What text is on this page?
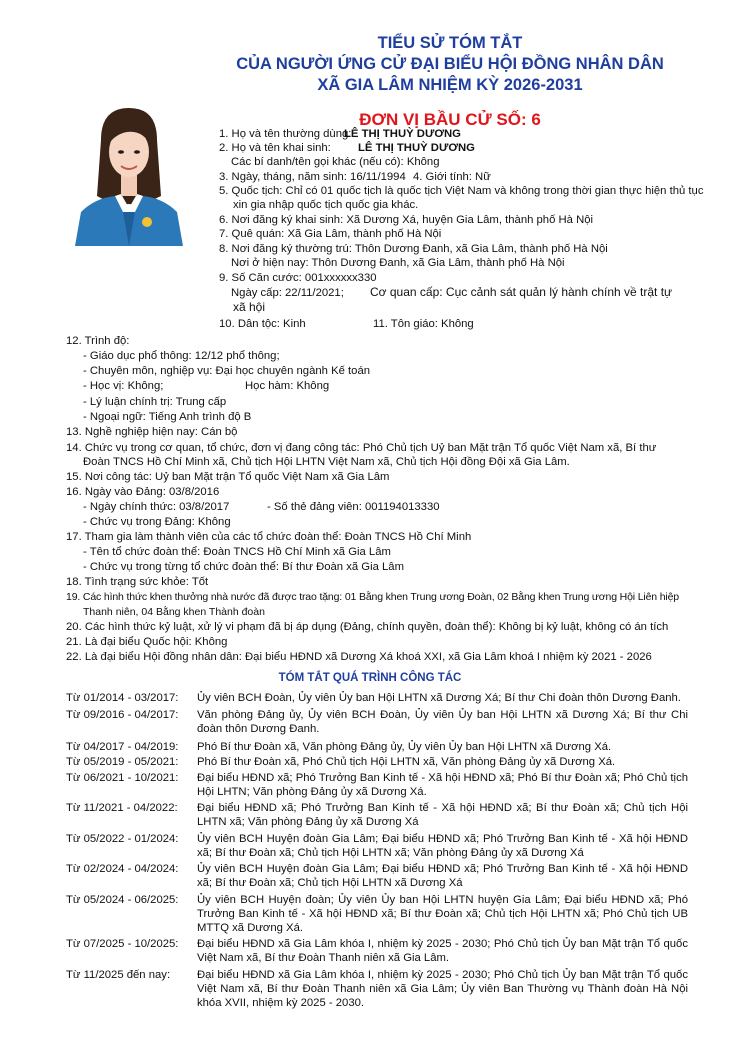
TIỂU SỬ TÓM TẮT
CỦA NGƯỜI ỨNG CỬ ĐẠI BIỂU HỘI ĐỒNG NHÂN DÂN
XÃ GIA LÂM NHIỆM KỲ 2026-2031
ĐƠN VỊ BẦU CỬ SỐ: 6
1. Họ và tên thường dùng:
LÊ THỊ THUỲ DƯƠNG
2. Họ và tên khai sinh: LÊ THỊ THUỲ DƯƠNG
Các bí danh/tên gọi khác (nếu có): Không
3. Ngày, tháng, năm sinh: 16/11/1994 4. Giới tính: Nữ
5. Quốc tịch: Chỉ có 01 quốc tịch là quốc tịch Việt Nam và không trong thời gian thực hiện thủ tục
xin gia nhập quốc tịch quốc gia khác.
6. Nơi đăng ký khai sinh: Xã Dương Xá, huyện Gia Lâm, thành phố Hà Nội
7. Quê quán: Xã Gia Lâm, thành phố Hà Nội
8. Nơi đăng ký thường trú: Thôn Dương Đanh, xã Gia Lâm, thành phố Hà Nội
Nơi ở hiện nay: Thôn Dương Đanh, xã Gia Lâm, thành phố Hà Nội
9. Số Căn cước: 001xxxxxx330
Ngày cấp: 22/11/2021; Cơ quan cấp: Cục cảnh sát quản lý hành chính về trật tự
xã hội
10. Dân tộc: Kinh	11. Tôn giáo: Không
12. Trình độ:
- Giáo dục phổ thông: 12/12 phổ thông;
- Chuyên môn, nghiệp vụ: Đại học chuyên ngành Kế toán
- Học vị: Không;	Học hàm: Không
- Lý luận chính trị: Trung cấp
- Ngoại ngữ: Tiếng Anh trình độ B
13. Nghề nghiệp hiện nay: Cán bộ
14. Chức vụ trong cơ quan, tổ chức, đơn vị đang công tác: Phó Chủ tịch Uỷ ban Mặt trận Tổ quốc Việt Nam xã, Bí thư
Đoàn TNCS Hồ Chí Minh xã, Chủ tịch Hội LHTN Việt Nam xã, Chủ tịch Hội đồng Đội xã Gia Lâm.
15. Nơi công tác: Uỷ ban Mặt trận Tổ quốc Việt Nam xã Gia Lâm
16. Ngày vào Đảng: 03/8/2016
- Ngày chính thức: 03/8/2017	- Số thẻ đảng viên: 001194013330
- Chức vụ trong Đảng: Không
17. Tham gia làm thành viên của các tổ chức đoàn thể: Đoàn TNCS Hồ Chí Minh
- Tên tổ chức đoàn thể: Đoàn TNCS Hồ Chí Minh xã Gia Lâm
- Chức vụ trong từng tổ chức đoàn thể: Bí thư Đoàn xã Gia Lâm
18. Tình trạng sức khỏe: Tốt
19. Các hình thức khen thưởng nhà nước đã được trao tặng: 01 Bằng khen Trung ương Đoàn, 02 Bằng khen Trung ương Hội Liên hiệp
Thanh niên, 04 Bằng khen Thành đoàn
20. Các hình thức kỷ luật, xử lý vi phạm đã bị áp dụng (Đảng, chính quyền, đoàn thể): Không bị kỷ luật, không có án tích
21. Là đại biểu Quốc hội: Không
22. Là đại biểu Hội đồng nhân dân: Đại biểu HĐND xã Dương Xá khoá XXI, xã Gia Lâm khoá I nhiệm kỳ 2021 - 2026
TÓM TẮT QUÁ TRÌNH CÔNG TÁC
Từ 01/2014 - 03/2017:	Ủy viên BCH Đoàn, Ủy viên Ủy ban Hội LHTN xã Dương Xá; Bí thư Chi đoàn thôn Dương Đanh.
Từ 09/2016 - 04/2017:	Văn phòng Đảng ủy, Ủy viên BCH Đoàn, Ủy viên Ủy ban Hội LHTN xã Dương Xá; Bí thư Chi đoàn thôn Dương Đanh.
Từ 04/2017 - 04/2019:	Phó Bí thư Đoàn xã, Văn phòng Đảng ủy, Ủy viên Ủy ban Hội LHTN xã Dương Xá.
Từ 05/2019 - 05/2021:	Phó Bí thư Đoàn xã, Phó Chủ tịch Hội LHTN xã, Văn phòng Đảng ủy xã Dương Xá.
Từ 06/2021 - 10/2021:	Đại biểu HĐND xã; Phó Trưởng Ban Kinh tế - Xã hội HĐND xã; Phó Bí thư Đoàn xã; Phó Chủ tịch Hội LHTN; Văn phòng Đảng ủy xã Dương Xá.
Từ 11/2021 - 04/2022:	Đại biểu HĐND xã; Phó Trưởng Ban Kinh tế - Xã hội HĐND xã; Bí thư Đoàn xã; Chủ tịch Hội LHTN xã; Văn phòng Đảng ủy xã Dương Xá
Từ 05/2022 - 01/2024:	Ủy viên BCH Huyện đoàn Gia Lâm; Đại biểu HĐND xã; Phó Trưởng Ban Kinh tế - Xã hội HĐND xã; Bí thư Đoàn xã; Chủ tịch Hội LHTN xã; Văn phòng Đảng ủy xã Dương Xá
Từ 02/2024 - 04/2024:	Ủy viên BCH Huyện đoàn Gia Lâm; Đại biểu HĐND xã; Phó Trưởng Ban Kinh tế - Xã hội HĐND xã; Bí thư Đoàn xã; Chủ tịch Hội LHTN xã Dương Xá
Từ 05/2024 - 06/2025:	Ủy viên BCH Huyện đoàn; Ủy viên Ủy ban Hội LHTN huyện Gia Lâm; Đại biểu HĐND xã; Phó Trưởng Ban Kinh tế - Xã hội HĐND xã; Bí thư Đoàn xã; Chủ tịch Hội LHTN xã; Phó Chủ tịch UB MTTQ xã Dương Xá.
Từ 07/2025 - 10/2025:	Đại biểu HĐND xã Gia Lâm khóa I, nhiệm kỳ 2025 - 2030; Phó Chủ tịch Ủy ban Mặt trận Tổ quốc Việt Nam xã, Bí thư Đoàn Thanh niên xã Gia Lâm.
Từ 11/2025 đến nay:	Đại biểu HĐND xã Gia Lâm khóa I, nhiệm kỳ 2025 - 2030; Phó Chủ tịch Ủy ban Mặt trận Tổ quốc Việt Nam xã, Bí thư Đoàn Thanh niên xã Gia Lâm; Ủy viên Ban Thường vụ Thành đoàn Hà Nội khóa XVII, nhiệm kỳ 2025 - 2030.
